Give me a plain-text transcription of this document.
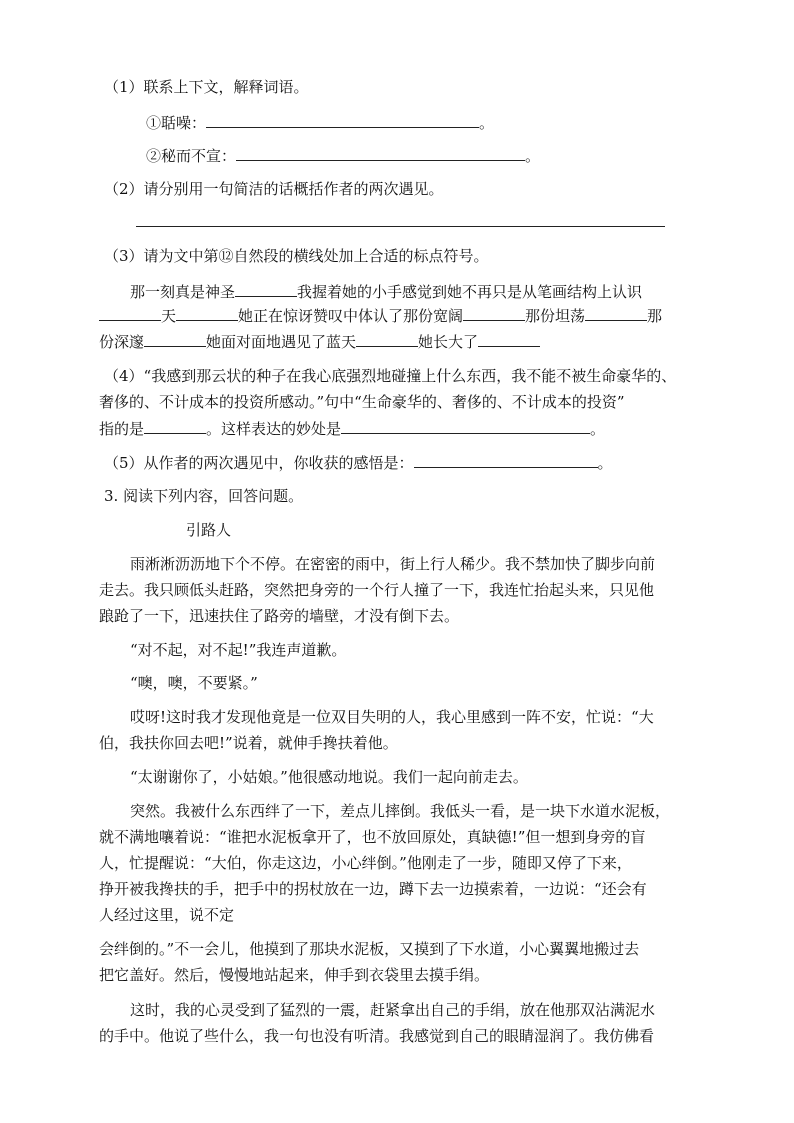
（1）联系上下文，解释词语。
①聒噪：	。
②秘而不宣：	。
（2）请分别用一句简洁的话概括作者的两次遇见。
（3）请为文中第⑫自然段的横线处加上合适的标点符号。
那一刻真是神圣	我握着她的小手感觉到她不再只是从笔画结构上认识
天	她正在惊讶赞叹中体认了那份宽阔	那份坦荡	那
份深邃	她面对面地遇见了蓝天	她长大了
（4）“我感到那云状的种子在我心底强烈地碰撞上什么东西，我不能不被生命豪华的、
奢侈的、不计成本的投资所感动。”句中“生命豪华的、奢侈的、不计成本的投资”
指的是	。这样表达的妙处是	。
（5）从作者的两次遇见中，你收获的感悟是：	。
3. 阅读下列内容，回答问题。
引路人
雨淅淅沥沥地下个不停。在密密的雨中，街上行人稀少。我不禁加快了脚步向前
走去。我只顾低头赶路，突然把身旁的一个行人撞了一下，我连忙抬起头来，只见他
踉跄了一下，迅速扶住了路旁的墙壁，才没有倒下去。
“对不起，对不起!”我连声道歉。
“噢，噢，不要紧。”
哎呀!这时我才发现他竟是一位双目失明的人，我心里感到一阵不安，忙说：“大
伯，我扶你回去吧!”说着，就伸手搀扶着他。
“太谢谢你了，小姑娘。”他很感动地说。我们一起向前走去。
突然。我被什么东西绊了一下，差点儿摔倒。我低头一看，是一块下水道水泥板，
就不满地嚷着说：“谁把水泥板拿开了，也不放回原处，真缺德!”但一想到身旁的盲
人，忙提醒说：“大伯，你走这边，小心绊倒。”他刚走了一步，随即又停了下来，
挣开被我搀扶的手，把手中的拐杖放在一边，蹲下去一边摸索着，一边说：“还会有
人经过这里，说不定
会绊倒的。”不一会儿，他摸到了那块水泥板，又摸到了下水道，小心翼翼地搬过去
把它盖好。然后，慢慢地站起来，伸手到衣袋里去摸手绢。
这时，我的心灵受到了猛烈的一震，赶紧拿出自己的手绢，放在他那双沾满泥水
的手中。他说了些什么，我一句也没有听清。我感觉到自己的眼睛湿润了。我仿佛看
